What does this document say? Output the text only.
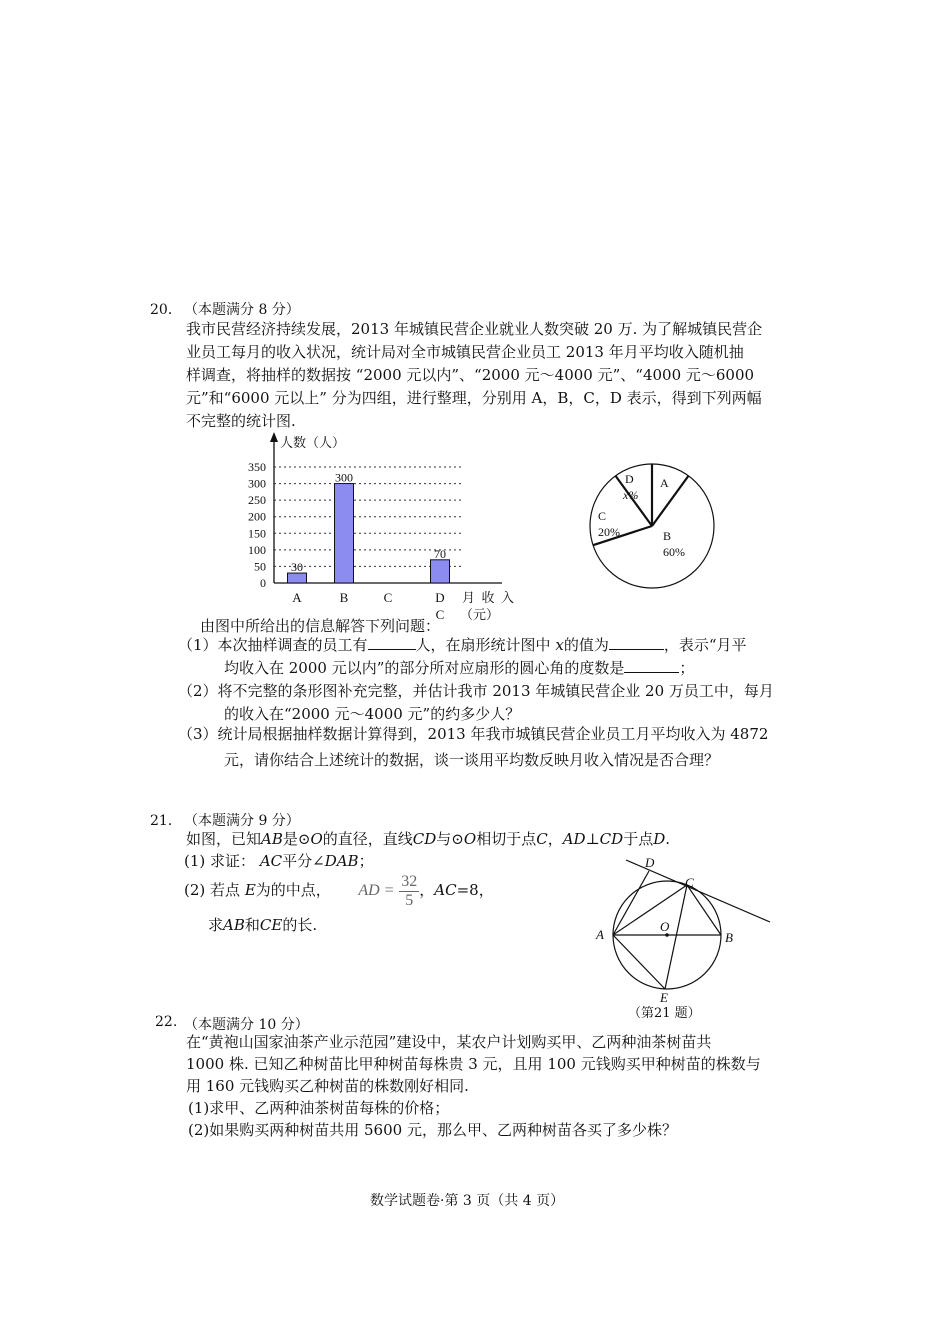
20． （本题满分 8 分）
我市民营经济持续发展，2013 年城镇民营企业就业人数突破 20 万. 为了解城镇民营企
业员工每月的收入状况，统计局对全市城镇民营企业员工 2013 年月平均收入随机抽
样调查，将抽样的数据按 “2000 元以内”、“2000 元～4000 元”、“4000 元～6000
元”和“6000 元以上” 分为四组，进行整理，分别用 A，B，C，D 表示，得到下列两幅
不完整的统计图.
人数（人）
0
50
100
150
200
250
300
350
30
300
70
A	B	C	D
C
月  收  入
（元）
A
B
60%
C
20%
D
x%
由图中所给出的信息解答下列问题：
（1）本次抽样调查的员工有	人，在扇形统计图中 x的值为	，表示“月平
均收入在 2000 元以内”的部分所对应扇形的圆心角的度数是	；
（2）将不完整的条形图补充完整，并估计我市 2013 年城镇民营企业 20 万员工中，每月
的收入在“2000 元～4000 元”的约多少人？
（3）统计局根据抽样数据计算得到，2013 年我市城镇民营企业员工月平均收入为 4872
元，请你结合上述统计的数据，谈一谈用平均数反映月收入情况是否合理？
21． （本题满分 9 分）
如图，已知AB是⊙O的直径，直线CD与⊙O相切于点C，AD⊥CD于点D.
(1) 求证： AC平分∠DAB；
(2) 若点 E为的中点， AD = $\frac{32}{5}$ ，AC=8，
求AB和CE的长.
D
C
A
O
B
E
（第21 题）
22. （本题满分 10 分）
在“黄袍山国家油茶产业示范园”建设中，某农户计划购买甲、乙两种油茶树苗共
1000 株. 已知乙种树苗比甲种树苗每株贵 3 元，且用 100 元钱购买甲种树苗的株数与
用 160 元钱购买乙种树苗的株数刚好相同.
(1)求甲、乙两种油茶树苗每株的价格；
(2)如果购买两种树苗共用 5600 元，那么甲、乙两种树苗各买了多少株？
数学试题卷·第 3 页（共 4 页）
